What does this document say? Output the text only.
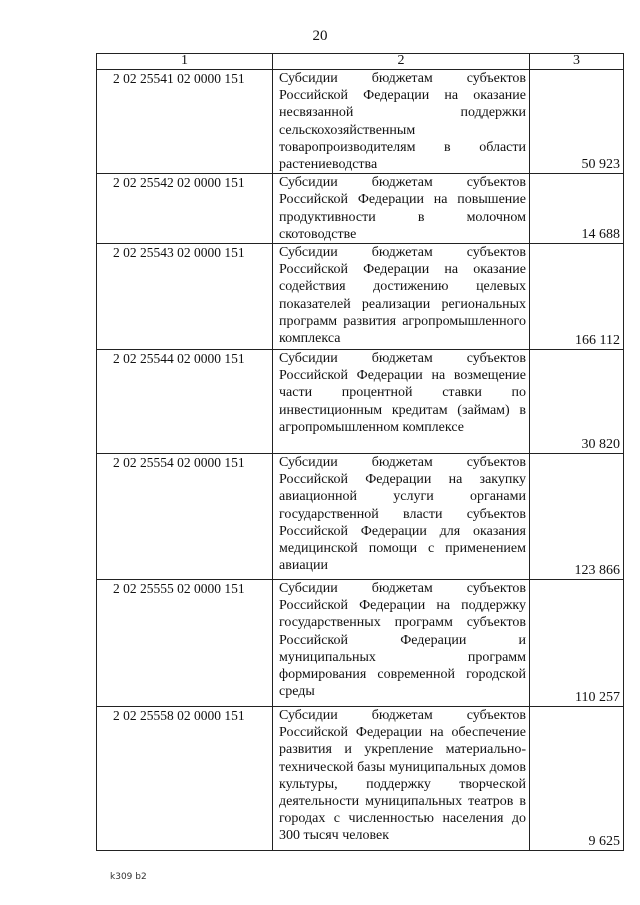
20
1	2	3
2 02 25541 02 0000 151	Субсидии бюджетам субъектов Российской Федерации на оказание несвязанной поддержки сельскохозяйственным товаропроизводителям в области растениеводства	50 923
2 02 25542 02 0000 151	Субсидии бюджетам субъектов Российской Федерации на повышение продуктивности в молочном скотоводстве	14 688
2 02 25543 02 0000 151	Субсидии бюджетам субъектов Российской Федерации на оказание содействия достижению целевых показателей реализации региональных программ развития агропромышленного комплекса	166 112
2 02 25544 02 0000 151	Субсидии бюджетам субъектов Российской Федерации на возмещение части процентной ставки по инвестиционным кредитам (займам) в агропромышленном комплексе	30 820
2 02 25554 02 0000 151	Субсидии бюджетам субъектов Российской Федерации на закупку авиационной услуги органами государственной власти субъектов Российской Федерации для оказания медицинской помощи с применением авиации	123 866
2 02 25555 02 0000 151	Субсидии бюджетам субъектов Российской Федерации на поддержку государственных программ субъектов Российской Федерации и муниципальных программ формирования современной городской среды	110 257
2 02 25558 02 0000 151	Субсидии бюджетам субъектов Российской Федерации на обеспечение развития и укрепление материально-технической базы муниципальных домов культуры, поддержку творческой деятельности муниципальных театров в городах с численностью населения до 300 тысяч человек	9 625
k309 b2
